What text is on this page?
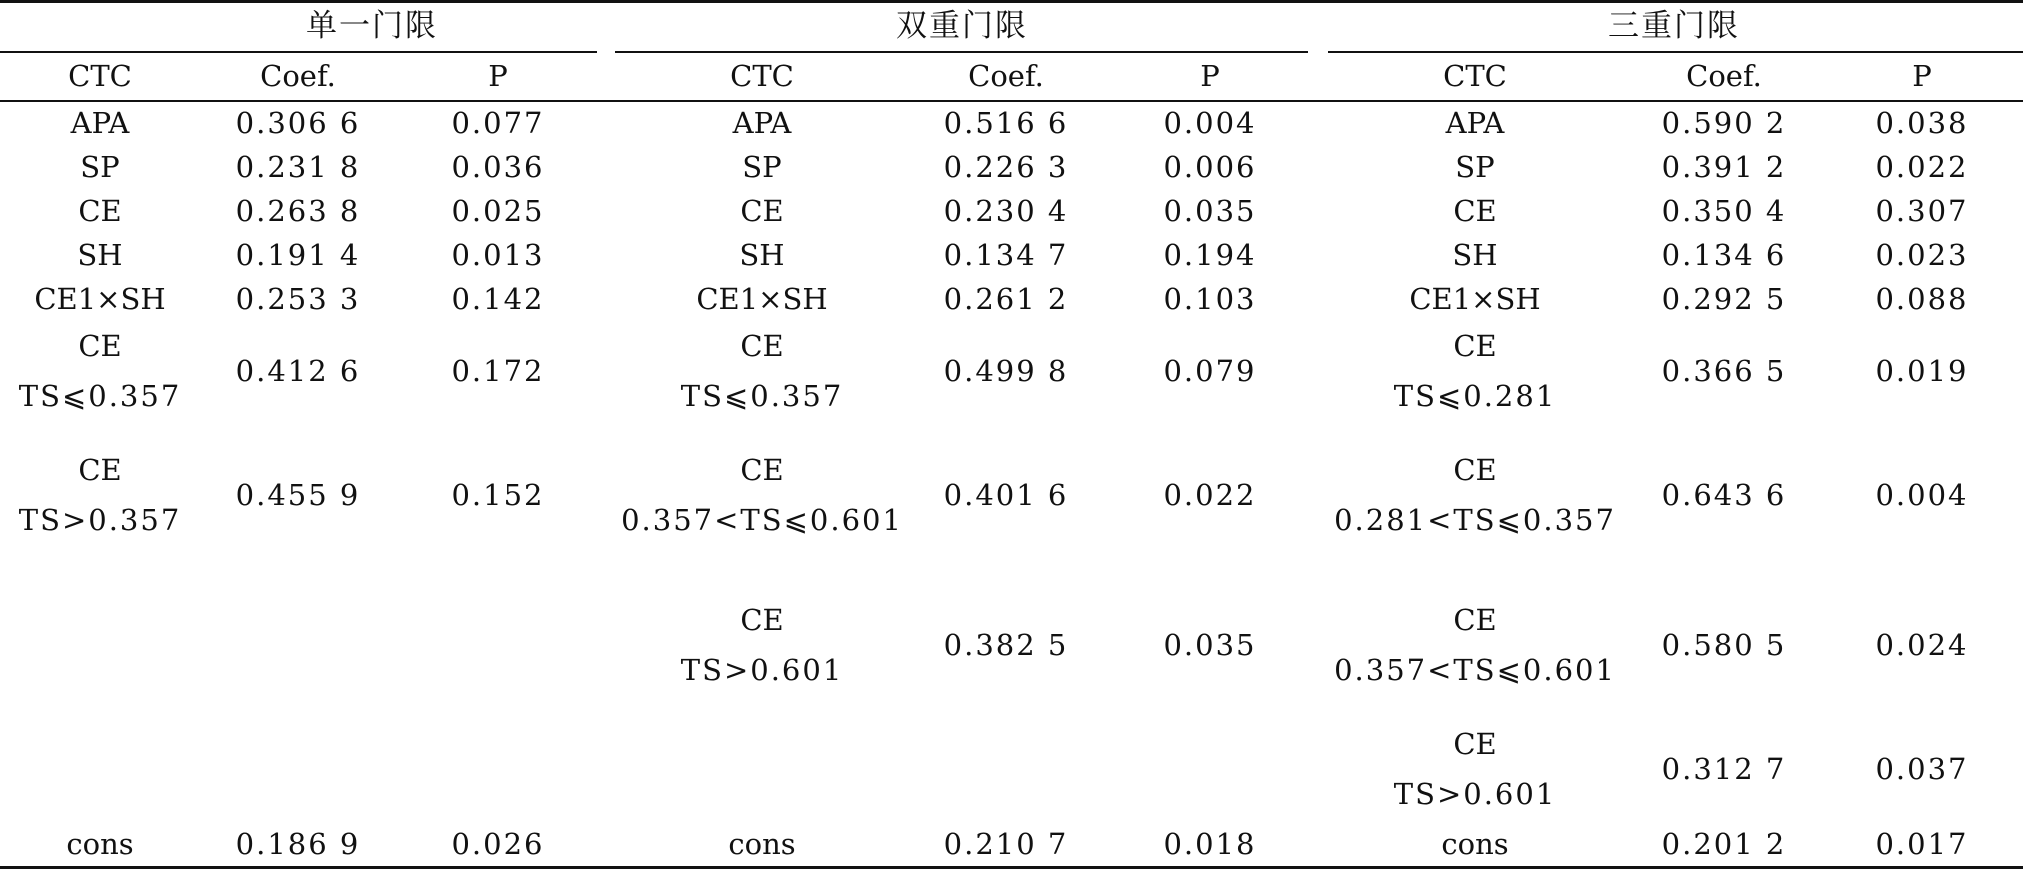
单一门限
CTC	Coef.	P
APA	0.306 6	0.077
SP	0.231 8	0.036
CE	0.263 8	0.025
SH	0.191 4	0.013
CE1×SH 0.253 3	0.142
CE
TS⩽0.357
0.412 6	0.172
CE
TS>0.357
0.455 9	0.152
cons	0.186 9	0.026
双重门限
CTC	Coef.	P
APA	0.516 6	0.004
SP	0.226 3	0.006
CE	0.230 4	0.035
SH	0.134 7	0.194
CE1×SH	0.261 2	0.103
CE
TS⩽0.357
0.499 8	0.079
CE
0.357<TS⩽0.601
0.401 6	0.022
CE
TS>0.601
0.382 5	0.035
cons	0.210 7	0.018
三重门限
CTC	Coef.	P
APA	0.590 2	0.038
SP	0.391 2	0.022
CE	0.350 4	0.307
SH	0.134 6	0.023
CE1×SH	0.292 5	0.088
CE
TS⩽0.281
0.366 5	0.019
CE
0.281<TS⩽0.357
0.643 6	0.004
CE
0.357<TS⩽0.601
0.580 5	0.024
CE
TS>0.601
0.312 7	0.037
cons	0.201 2	0.017
